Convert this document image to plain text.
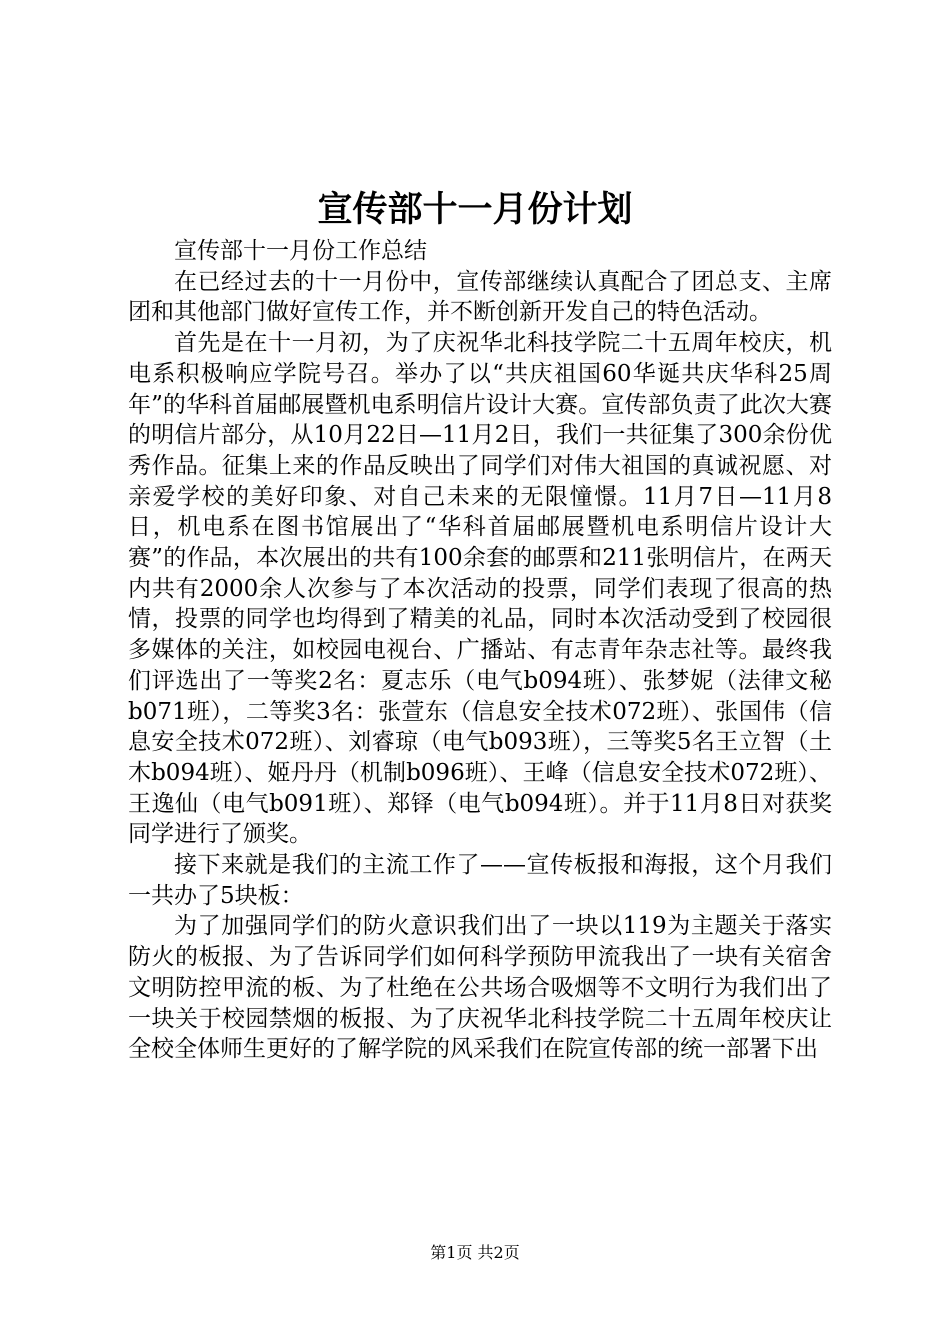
宣传部十一月份计划

宣传部十一月份工作总结

在已经过去的十一月份中，宣传部继续认真配合了团总支、主席团和其他部门做好宣传工作，并不断创新开发自己的特色活动。

首先是在十一月初，为了庆祝华北科技学院二十五周年校庆，机电系积极响应学院号召。举办了以“共庆祖国60华诞共庆华科25周年”的华科首届邮展暨机电系明信片设计大赛。宣传部负责了此次大赛的明信片部分，从10月22日—11月2日，我们一共征集了300余份优秀作品。征集上来的作品反映出了同学们对伟大祖国的真诚祝愿、对亲爱学校的美好印象、对自己未来的无限憧憬。11月7日—11月8日，机电系在图书馆展出了“华科首届邮展暨机电系明信片设计大赛”的作品，本次展出的共有100余套的邮票和211张明信片，在两天内共有2000余人次参与了本次活动的投票，同学们表现了很高的热情，投票的同学也均得到了精美的礼品，同时本次活动受到了校园很多媒体的关注，如校园电视台、广播站、有志青年杂志社等。最终我们评选出了一等奖2名：夏志乐（电气b094班）、张梦妮（法律文秘b071班），二等奖3名：张萱东（信息安全技术072班）、张国伟（信息安全技术072班）、刘睿琼（电气b093班），三等奖5名王立智（土木b094班）、姬丹丹（机制b096班）、王峰（信息安全技术072班）、王逸仙（电气b091班）、郑铎（电气b094班）。并于11月8日对获奖同学进行了颁奖。

接下来就是我们的主流工作了——宣传板报和海报，这个月我们一共办了5块板：

为了加强同学们的防火意识我们出了一块以119为主题关于落实防火的板报、为了告诉同学们如何科学预防甲流我出了一块有关宿舍文明防控甲流的板、为了杜绝在公共场合吸烟等不文明行为我们出了一块关于校园禁烟的板报、为了庆祝华北科技学院二十五周年校庆让全校全体师生更好的了解学院的风采我们在院宣传部的统一部署下出

第1页 共2页
